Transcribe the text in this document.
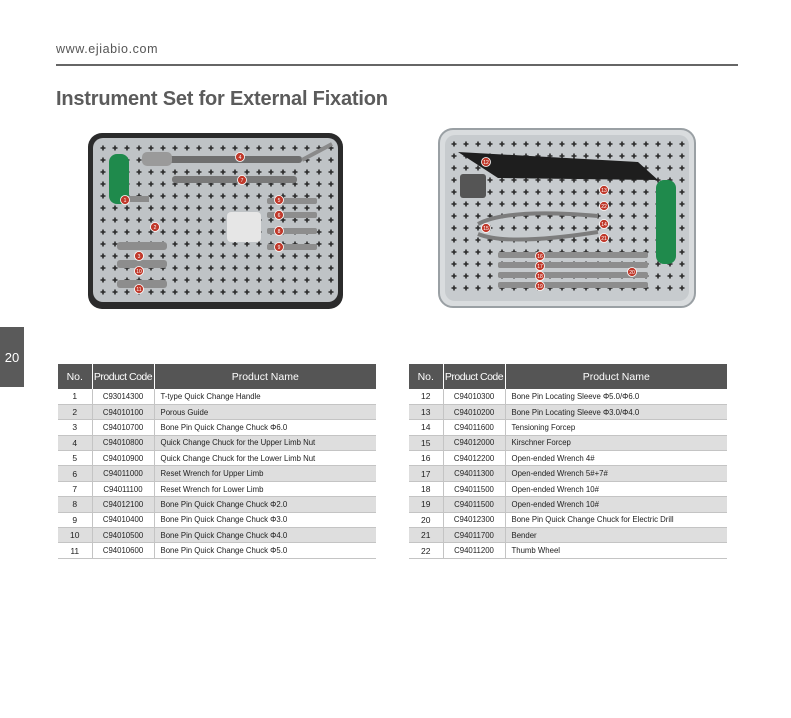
www.ejiabio.com
Instrument Set for External Fixation
20
1
2
3
4
5
6
7
8
9
10
11
12
13
14
15
16
17
18
19
20
21
22
No.	Product Code	Product Name
1	C93014300	T-type Quick Change Handle
2	C94010100	Porous Guide
3	C94010700	Bone Pin Quick Change Chuck Φ6.0
4	C94010800	Quick Change Chuck for the Upper Limb Nut
5	C94010900	Quick Change Chuck for the Lower Limb Nut
6	C94011000	Reset Wrench for Upper Limb
7	C94011100	Reset Wrench for Lower Limb
8	C94012100	Bone Pin Quick Change Chuck Φ2.0
9	C94010400	Bone Pin Quick Change Chuck Φ3.0
10	C94010500	Bone Pin Quick Change Chuck Φ4.0
11	C94010600	Bone Pin Quick Change Chuck Φ5.0
No.	Product Code	Product Name
12	C94010300	Bone Pin Locating Sleeve Φ5.0/Φ6.0
13	C94010200	Bone Pin Locating Sleeve Φ3.0/Φ4.0
14	C94011600	Tensioning Forcep
15	C94012000	Kirschner Forcep
16	C94012200	Open-ended Wrench 4#
17	C94011300	Open-ended Wrench 5#+7#
18	C94011500	Open-ended Wrench 10#
19	C94011500	Open-ended Wrench 10#
20	C94012300	Bone Pin Quick Change Chuck for Electric Drill
21	C94011700	Bender
22	C94011200	Thumb Wheel
